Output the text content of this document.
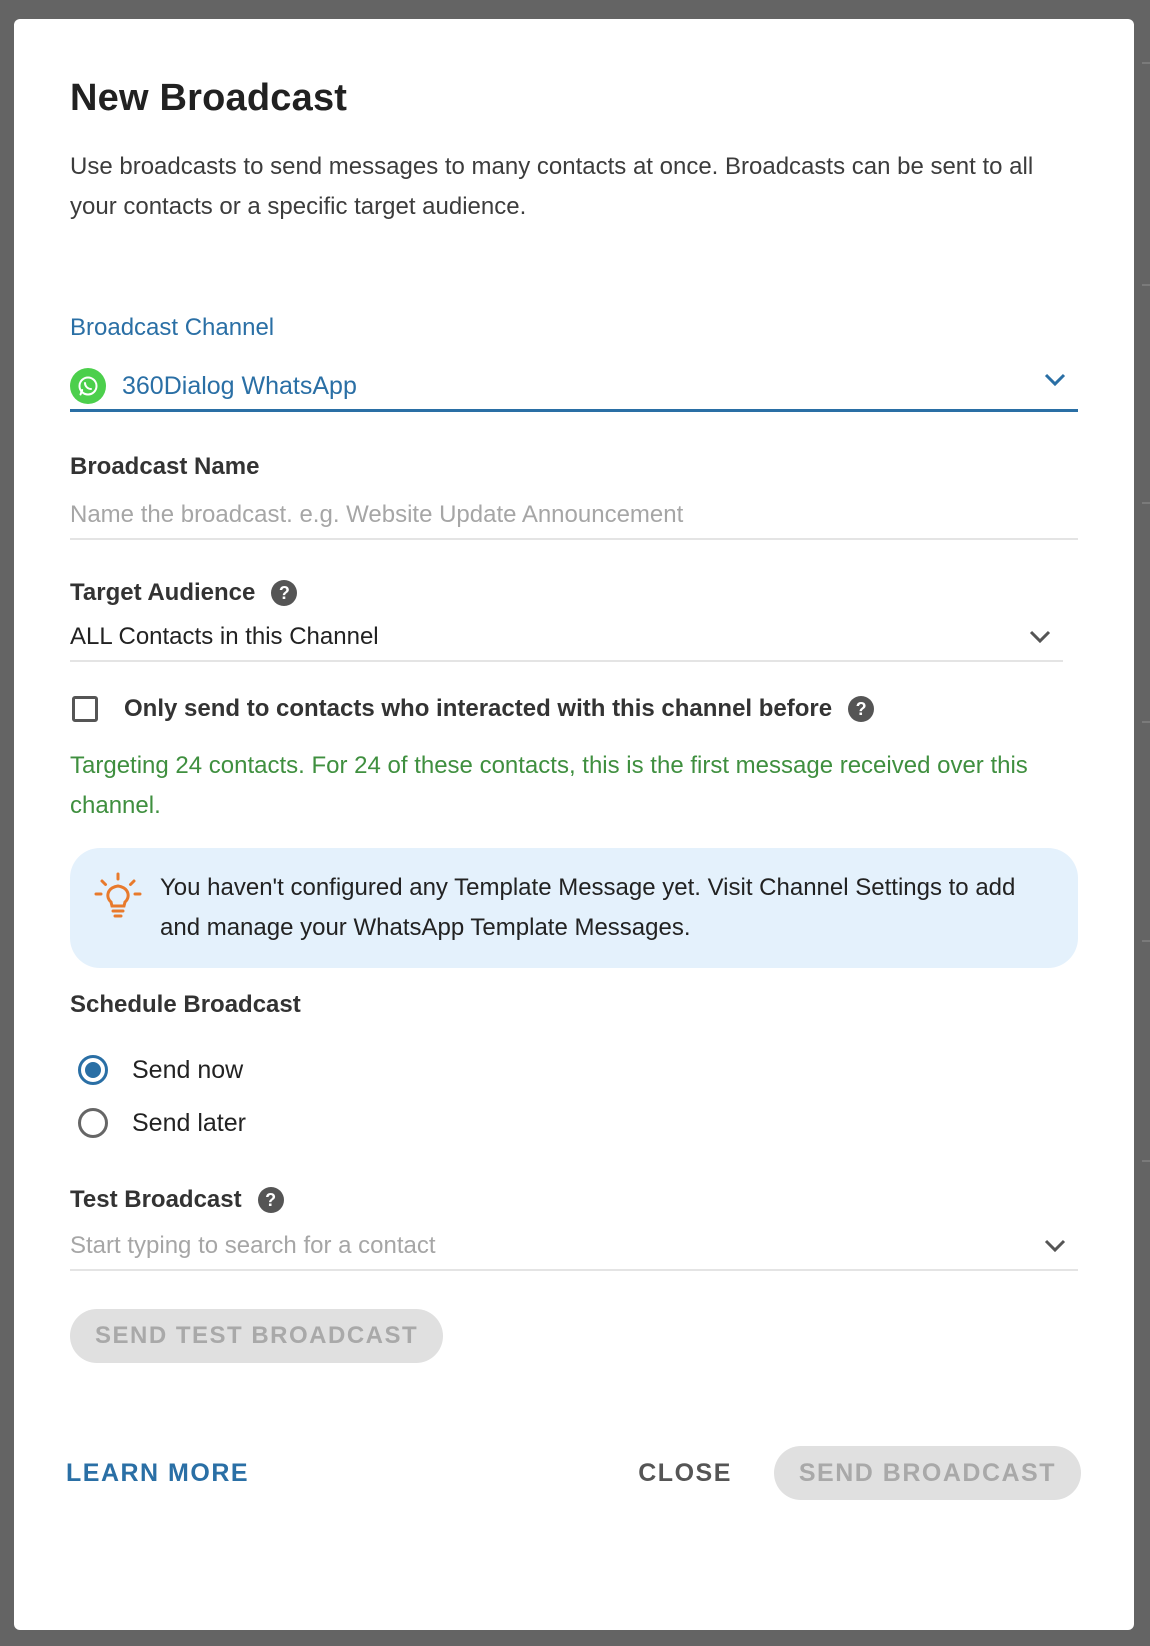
New Broadcast
Use broadcasts to send messages to many contacts at once. Broadcasts can be sent to all your contacts or a specific target audience.
Broadcast Channel
360Dialog WhatsApp
Broadcast Name
Name the broadcast. e.g. Website Update Announcement
Target Audience	?
ALL Contacts in this Channel
Only send to contacts who interacted with this channel before	?
Targeting 24 contacts. For 24 of these contacts, this is the first message received over this channel.
You haven't configured any Template Message yet. Visit Channel Settings to add and manage your WhatsApp Template Messages.
Schedule Broadcast
Send now
Send later
Test Broadcast	?
Start typing to search for a contact
SEND TEST BROADCAST
LEARN MORE	CLOSE	SEND BROADCAST
